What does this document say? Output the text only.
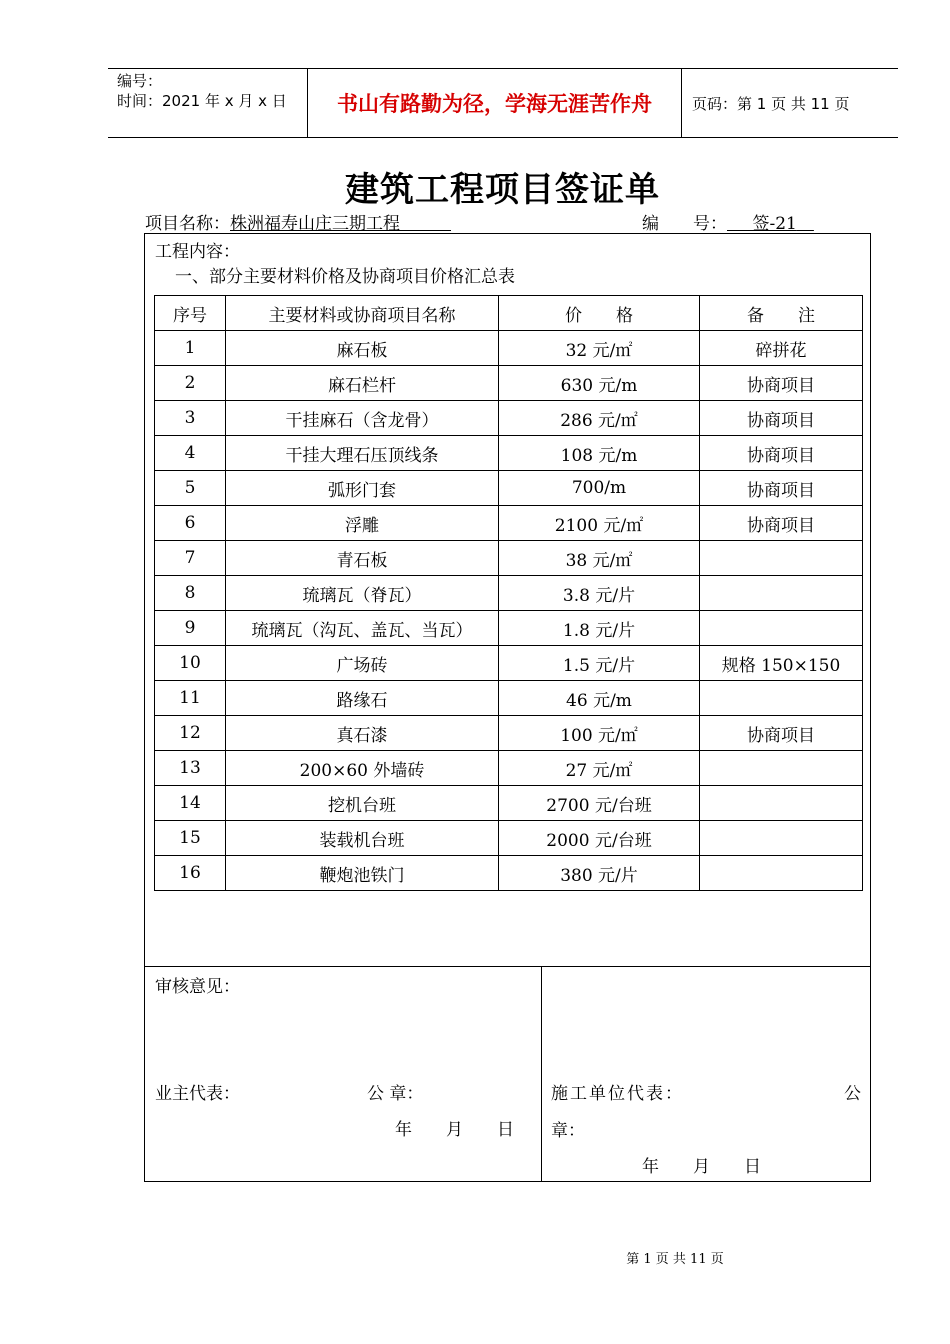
编号：
时间：2021 年 x 月 x 日	书山有路勤为径，学海无涯苦作舟	页码：第 1 页 共 11 页
建筑工程项目签证单
项目名称：株洲福寿山庄三期工程   	编　　号：   签-21 
工程内容：
一、部分主要材料价格及协商项目价格汇总表
序号	主要材料或协商项目名称	价　　格	备　　注
1	麻石板	32 元/㎡	碎拼花
2	麻石栏杆	630 元/m	协商项目
3	干挂麻石（含龙骨）	286 元/㎡	协商项目
4	干挂大理石压顶线条	108 元/m	协商项目
5	弧形门套	700/m	协商项目
6	浮雕	2100 元/㎡	协商项目
7	青石板	38 元/㎡	
8	琉璃瓦（脊瓦）	3.8 元/片	
9	琉璃瓦（沟瓦、盖瓦、当瓦）	1.8 元/片	
10	广场砖	1.5 元/片	规格 150×150
11	路缘石	46 元/m	
12	真石漆	100 元/㎡	协商项目
13	200×60 外墙砖	27 元/㎡	
14	挖机台班	2700 元/台班	
15	装载机台班	2000 元/台班	
16	鞭炮池铁门	380 元/片	
审核意见：
业主代表：	公 章：
年　　月　　日
施工单位代表：	公
章：
年　　月　　日
第 1 页 共 11 页
